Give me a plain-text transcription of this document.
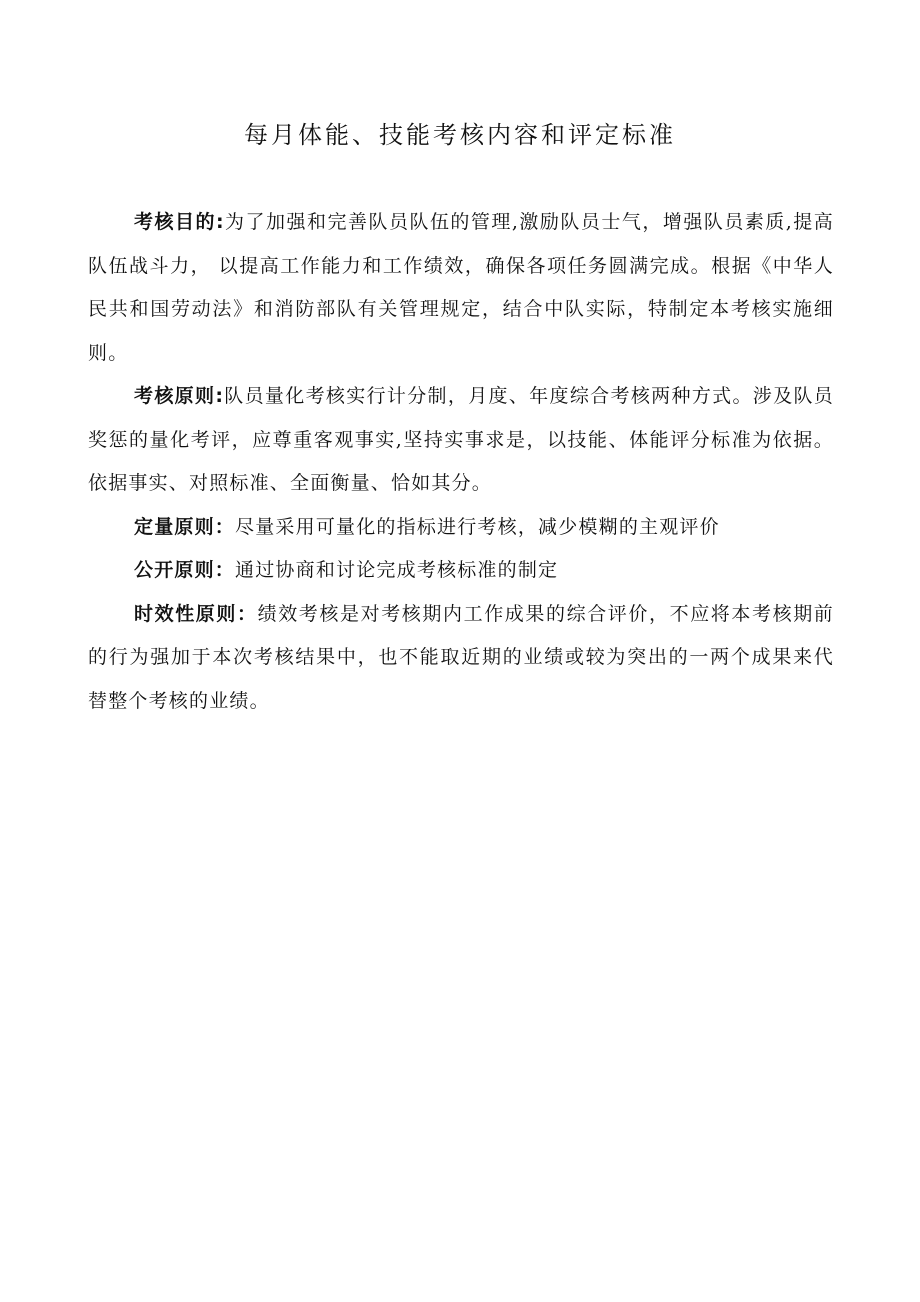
每月体能、技能考核内容和评定标准

考核目的:为了加强和完善队员队伍的管理,激励队员士气，增强队员素质,提高队伍战斗力， 以提高工作能力和工作绩效，确保各项任务圆满完成。根据《中华人民共和国劳动法》和消防部队有关管理规定，结合中队实际，特制定本考核实施细则。

考核原则:队员量化考核实行计分制，月度、年度综合考核两种方式。涉及队员奖惩的量化考评，应尊重客观事实,坚持实事求是，以技能、体能评分标准为依据。依据事实、对照标准、全面衡量、恰如其分。

定量原则：尽量采用可量化的指标进行考核，减少模糊的主观评价

公开原则：通过协商和讨论完成考核标准的制定

时效性原则：绩效考核是对考核期内工作成果的综合评价，不应将本考核期前的行为强加于本次考核结果中，也不能取近期的业绩或较为突出的一两个成果来代替整个考核的业绩。
